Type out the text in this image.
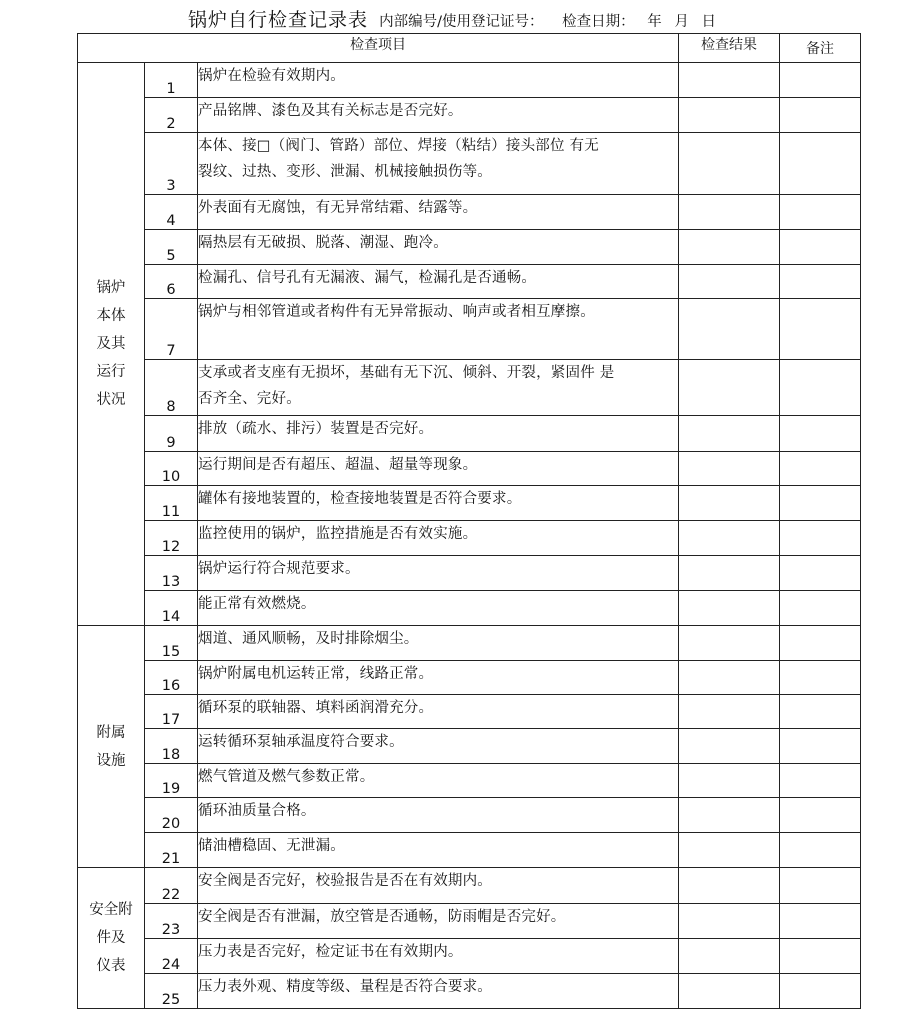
锅炉自行检查记录表 内部编号/使用登记证号： 检查日期： 年 月 日
检查项目			检查结果	备注
锅炉
本体
及其
运行
状况	1	锅炉在检验有效期内。		
	2	产品铭牌、漆色及其有关标志是否完好。		
	3	本体、接□（阀门、管路）部位、焊接（粘结）接头部位 有无
裂纹、过热、变形、泄漏、机械接触损伤等。		
	4	外表面有无腐蚀，有无异常结霜、结露等。		
	5	隔热层有无破损、脱落、潮湿、跑冷。		
	6	检漏孔、信号孔有无漏液、漏气，检漏孔是否通畅。		
	7	锅炉与相邻管道或者构件有无异常振动、响声或者相互摩擦。		
	8	支承或者支座有无损坏，基础有无下沉、倾斜、开裂，紧固件 是
否齐全、完好。		
	9	排放（疏水、排污）装置是否完好。		
	10	运行期间是否有超压、超温、超量等现象。		
	11	罐体有接地装置的，检查接地装置是否符合要求。		
	12	监控使用的锅炉，监控措施是否有效实施。		
	13	锅炉运行符合规范要求。		
	14	能正常有效燃烧。		
附属
设施	15	烟道、通风顺畅，及时排除烟尘。		
	16	锅炉附属电机运转正常，线路正常。		
	17	循环泵的联轴器、填料函润滑充分。		
	18	运转循环泵轴承温度符合要求。		
	19	燃气管道及燃气参数正常。		
	20	循环油质量合格。		
	21	储油槽稳固、无泄漏。		
安全附
件及
仪表	22	安全阀是否完好，校验报告是否在有效期内。		
	23	安全阀是否有泄漏，放空管是否通畅，防雨帽是否完好。		
	24	压力表是否完好，检定证书在有效期内。		
	25	压力表外观、精度等级、量程是否符合要求。		
